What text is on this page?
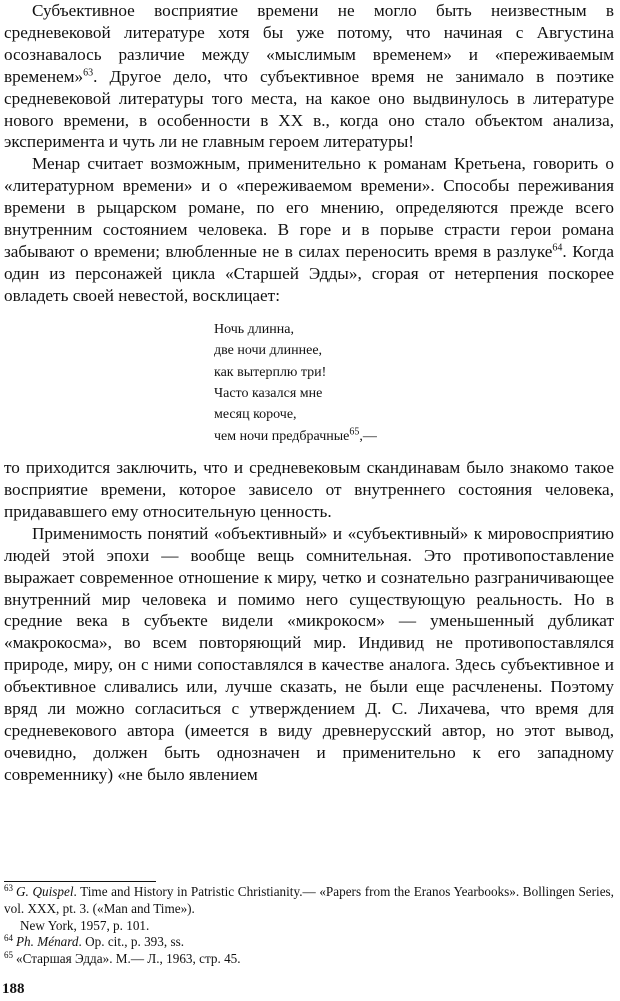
Субъективное восприятие времени не могло быть неизвестным в средневековой литературе хотя бы уже потому, что начиная с Августина осознавалось различие между «мыслимым временем» и «переживаемым временем»$^{63}$. Другое дело, что субъективное время не занимало в поэтике средневековой литературы того места, на какое оно выдвинулось в литературе нового времени, в особенности в XX в., когда оно стало объектом анализа, эксперимента и чуть ли не главным героем литературы!

Менар считает возможным, применительно к романам Кретьена, говорить о «литературном времени» и о «переживаемом времени». Способы переживания времени в рыцарском романе, по его мнению, определяются прежде всего внутренним состоянием человека. В горе и в порыве страсти герои романа забывают о времени; влюбленные не в силах переносить время в разлуке$^{64}$. Когда один из персонажей цикла «Старшей Эдды», сгорая от нетерпения поскорее овладеть своей невестой, восклицает:

Ночь длинна,
две ночи длиннее,
как вытерплю три!
Часто казался мне
месяц короче,
чем ночи предбрачные$^{65}$,—

то приходится заключить, что и средневековым скандинавам было знакомо такое восприятие времени, которое зависело от внутреннего состояния человека, придававшего ему относительную ценность.

Применимость понятий «объективный» и «субъективный» к мировосприятию людей этой эпохи — вообще вещь сомнительная. Это противопоставление выражает современное отношение к миру, четко и сознательно разграничивающее внутренний мир человека и помимо него существующую реальность. Но в средние века в субъекте видели «микрокосм» — уменьшенный дубликат «макрокосма», во всем повторяющий мир. Индивид не противопоставлялся природе, миру, он с ними сопоставлялся в качестве аналога. Здесь субъективное и объективное сливались или, лучше сказать, не были еще расчленены. Поэтому вряд ли можно согласиться с утверждением Д. С. Лихачева, что время для средневекового автора (имеется в виду древнерусский автор, но этот вывод, очевидно, должен быть однозначен и применительно к его западному современнику) «не было явлением

$^{63}$ G. Quispel. Time and History in Patristic Christianity.— «Papers from the Eranos Yearbooks». Bollingen Series, vol. XXX, pt. 3. («Man and Time»).
New York, 1957, p. 101.

$^{64}$ Ph. Ménard. Op. cit., p. 393, ss.

$^{65}$ «Старшая Эдда». М.— Л., 1963, стр. 45.

188
